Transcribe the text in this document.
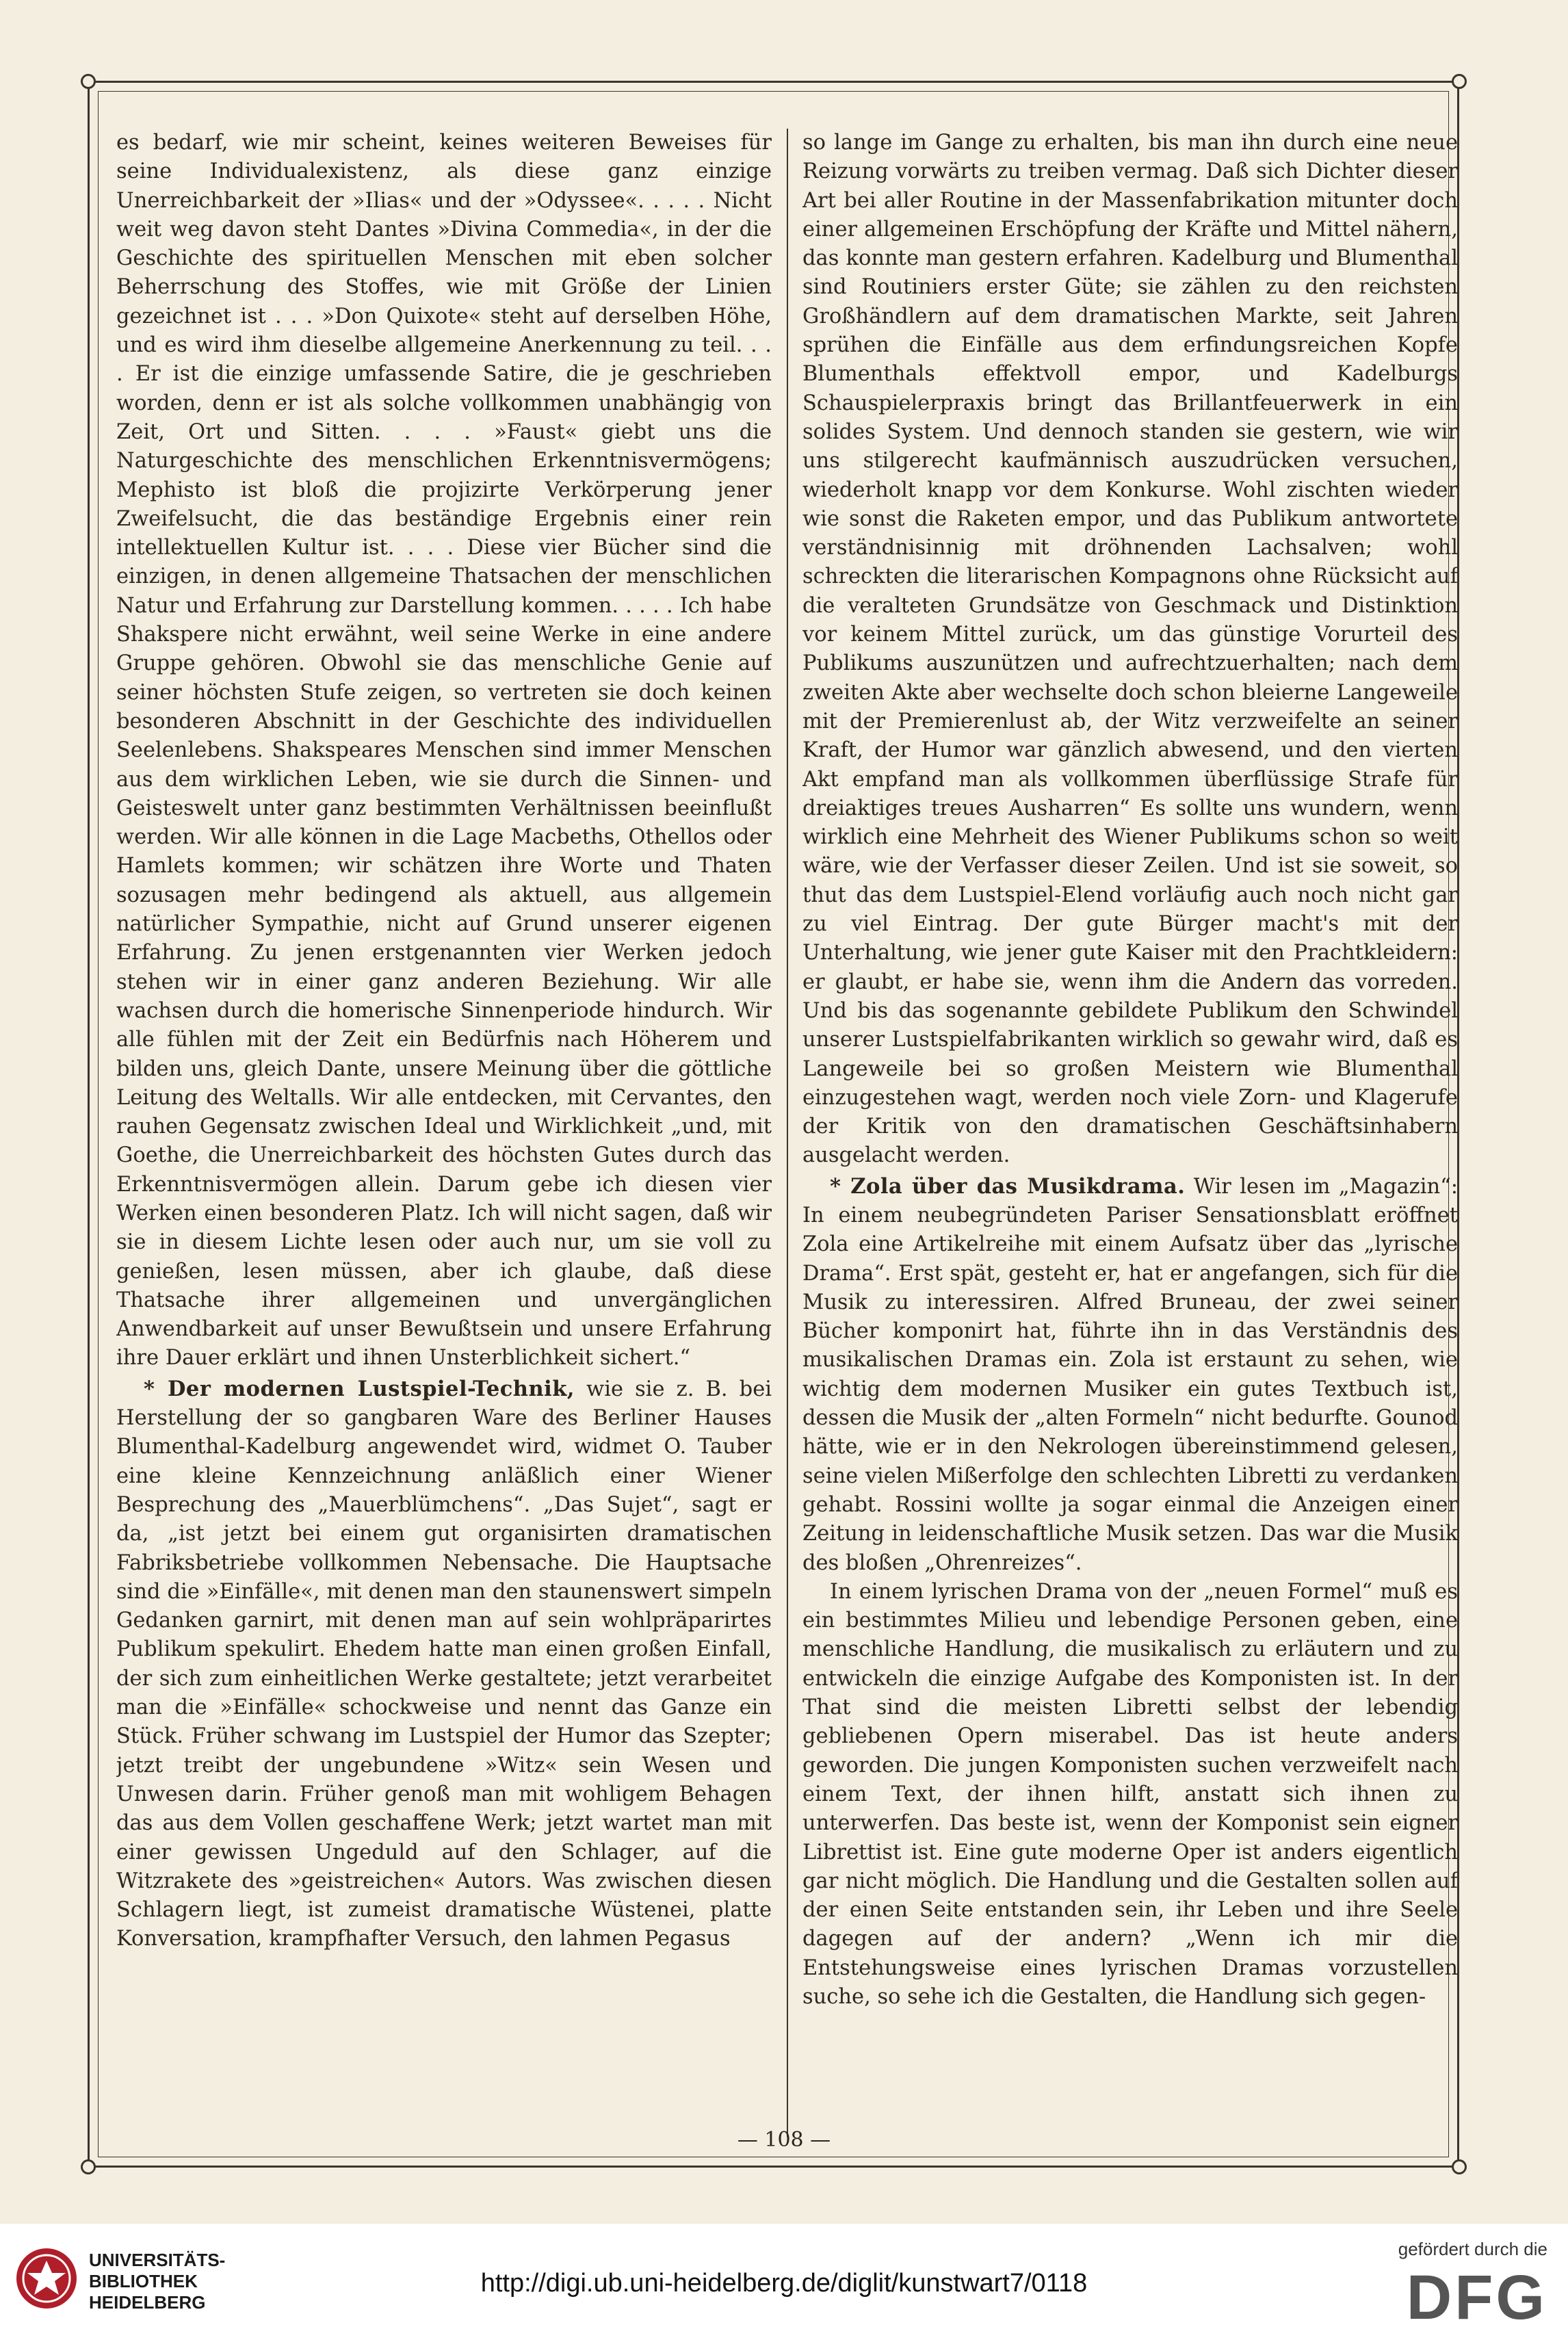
es bedarf, wie mir scheint, keines weiteren Beweises für seine Individualexistenz, als diese ganz einzige Unerreichbarkeit der »Ilias« und der »Odyssee«. . . . . Nicht weit weg davon steht Dantes »Divina Commedia«, in der die Geschichte des spirituellen Menschen mit eben solcher Beherrschung des Stoffes, wie mit Größe der Linien gezeichnet ist . . . »Don Quixote« steht auf derselben Höhe, und es wird ihm dieselbe allgemeine Anerkennung zu teil. . . . Er ist die einzige umfassende Satire, die je geschrieben worden, denn er ist als solche vollkommen unabhängig von Zeit, Ort und Sitten. . . . »Faust« giebt uns die Naturgeschichte des menschlichen Erkenntnisvermögens; Mephisto ist bloß die projizirte Verkörperung jener Zweifelsucht, die das beständige Ergebnis einer rein intellektuellen Kultur ist. . . . Diese vier Bücher sind die einzigen, in denen allgemeine Thatsachen der menschlichen Natur und Erfahrung zur Darstellung kommen. . . . . Ich habe Shakspere nicht erwähnt, weil seine Werke in eine andere Gruppe gehören. Obwohl sie das menschliche Genie auf seiner höchsten Stufe zeigen, so vertreten sie doch keinen besonderen Abschnitt in der Geschichte des individuellen Seelenlebens. Shakspeares Menschen sind immer Menschen aus dem wirklichen Leben, wie sie durch die Sinnen- und Geisteswelt unter ganz bestimmten Verhältnissen beeinflußt werden. Wir alle können in die Lage Macbeths, Othellos oder Hamlets kommen; wir schätzen ihre Worte und Thaten sozusagen mehr bedingend als aktuell, aus allgemein natürlicher Sympathie, nicht auf Grund unserer eigenen Erfahrung. Zu jenen erstgenannten vier Werken jedoch stehen wir in einer ganz anderen Beziehung. Wir alle wachsen durch die homerische Sinnenperiode hindurch. Wir alle fühlen mit der Zeit ein Bedürfnis nach Höherem und bilden uns, gleich Dante, unsere Meinung über die göttliche Leitung des Weltalls. Wir alle entdecken, mit Cervantes, den rauhen Gegensatz zwischen Ideal und Wirklichkeit „und, mit Goethe, die Unerreichbarkeit des höchsten Gutes durch das Erkenntnisvermögen allein. Darum gebe ich diesen vier Werken einen besonderen Platz. Ich will nicht sagen, daß wir sie in diesem Lichte lesen oder auch nur, um sie voll zu genießen, lesen müssen, aber ich glaube, daß diese Thatsache ihrer allgemeinen und unvergänglichen Anwendbarkeit auf unser Bewußtsein und unsere Erfahrung ihre Dauer erklärt und ihnen Unsterblichkeit sichert.“

* Der modernen Lustspiel-Technik, wie sie z. B. bei Herstellung der so gangbaren Ware des Berliner Hauses Blumenthal-Kadelburg angewendet wird, widmet O. Tauber eine kleine Kennzeichnung anläßlich einer Wiener Besprechung des „Mauerblümchens“. „Das Sujet“, sagt er da, „ist jetzt bei einem gut organisirten dramatischen Fabriksbetriebe vollkommen Nebensache. Die Hauptsache sind die »Einfälle«, mit denen man den staunenswert simpeln Gedanken garnirt, mit denen man auf sein wohlpräparirtes Publikum spekulirt. Ehedem hatte man einen großen Einfall, der sich zum einheitlichen Werke gestaltete; jetzt verarbeitet man die »Einfälle« schockweise und nennt das Ganze ein Stück. Früher schwang im Lustspiel der Humor das Szepter; jetzt treibt der ungebundene »Witz« sein Wesen und Unwesen darin. Früher genoß man mit wohligem Behagen das aus dem Vollen geschaffene Werk; jetzt wartet man mit einer gewissen Ungeduld auf den Schlager, auf die Witzrakete des »geistreichen« Autors. Was zwischen diesen Schlagern liegt, ist zumeist dramatische Wüstenei, platte Konversation, krampfhafter Versuch, den lahmen Pegasus

so lange im Gange zu erhalten, bis man ihn durch eine neue Reizung vorwärts zu treiben vermag. Daß sich Dichter dieser Art bei aller Routine in der Massenfabrikation mitunter doch einer allgemeinen Erschöpfung der Kräfte und Mittel nähern, das konnte man gestern erfahren. Kadelburg und Blumenthal sind Routiniers erster Güte; sie zählen zu den reichsten Großhändlern auf dem dramatischen Markte, seit Jahren sprühen die Einfälle aus dem erfindungsreichen Kopfe Blumenthals effektvoll empor, und Kadelburgs Schauspielerpraxis bringt das Brillantfeuerwerk in ein solides System. Und dennoch standen sie gestern, wie wir uns stilgerecht kaufmännisch auszudrücken versuchen, wiederholt knapp vor dem Konkurse. Wohl zischten wieder wie sonst die Raketen empor, und das Publikum antwortete verständnisinnig mit dröhnenden Lachsalven; wohl schreckten die literarischen Kompagnons ohne Rücksicht auf die veralteten Grundsätze von Geschmack und Distinktion vor keinem Mittel zurück, um das günstige Vorurteil des Publikums auszunützen und aufrechtzuerhalten; nach dem zweiten Akte aber wechselte doch schon bleierne Langeweile mit der Premierenlust ab, der Witz verzweifelte an seiner Kraft, der Humor war gänzlich abwesend, und den vierten Akt empfand man als vollkommen überflüssige Strafe für dreiaktiges treues Ausharren“ Es sollte uns wundern, wenn wirklich eine Mehrheit des Wiener Publikums schon so weit wäre, wie der Verfasser dieser Zeilen. Und ist sie soweit, so thut das dem Lustspiel-Elend vorläufig auch noch nicht gar zu viel Eintrag. Der gute Bürger macht's mit der Unterhaltung, wie jener gute Kaiser mit den Prachtkleidern: er glaubt, er habe sie, wenn ihm die Andern das vorreden. Und bis das sogenannte gebildete Publikum den Schwindel unserer Lustspielfabrikanten wirklich so gewahr wird, daß es Langeweile bei so großen Meistern wie Blumenthal einzugestehen wagt, werden noch viele Zorn- und Klagerufe der Kritik von den dramatischen Geschäftsinhabern ausgelacht werden.

* Zola über das Musikdrama. Wir lesen im „Magazin“: In einem neubegründeten Pariser Sensationsblatt eröffnet Zola eine Artikelreihe mit einem Aufsatz über das „lyrische Drama“. Erst spät, gesteht er, hat er angefangen, sich für die Musik zu interessiren. Alfred Bruneau, der zwei seiner Bücher komponirt hat, führte ihn in das Verständnis des musikalischen Dramas ein. Zola ist erstaunt zu sehen, wie wichtig dem modernen Musiker ein gutes Textbuch ist, dessen die Musik der „alten Formeln“ nicht bedurfte. Gounod hätte, wie er in den Nekrologen übereinstimmend gelesen, seine vielen Mißerfolge den schlechten Libretti zu verdanken gehabt. Rossini wollte ja sogar einmal die Anzeigen einer Zeitung in leidenschaftliche Musik setzen. Das war die Musik des bloßen „Ohrenreizes“.

In einem lyrischen Drama von der „neuen Formel“ muß es ein bestimmtes Milieu und lebendige Personen geben, eine menschliche Handlung, die musikalisch zu erläutern und zu entwickeln die einzige Aufgabe des Komponisten ist. In der That sind die meisten Libretti selbst der lebendig gebliebenen Opern miserabel. Das ist heute anders geworden. Die jungen Komponisten suchen verzweifelt nach einem Text, der ihnen hilft, anstatt sich ihnen zu unterwerfen. Das beste ist, wenn der Komponist sein eigner Librettist ist. Eine gute moderne Oper ist anders eigentlich gar nicht möglich. Die Handlung und die Gestalten sollen auf der einen Seite entstanden sein, ihr Leben und ihre Seele dagegen auf der andern? „Wenn ich mir die Entstehungsweise eines lyrischen Dramas vorzustellen suche, so sehe ich die Gestalten, die Handlung sich gegen-

— 108 —
UNIVERSITÄTS-
BIBLIOTHEK
HEIDELBERG
http://digi.ub.uni-heidelberg.de/diglit/kunstwart7/0118
gefördert durch die
DFG
